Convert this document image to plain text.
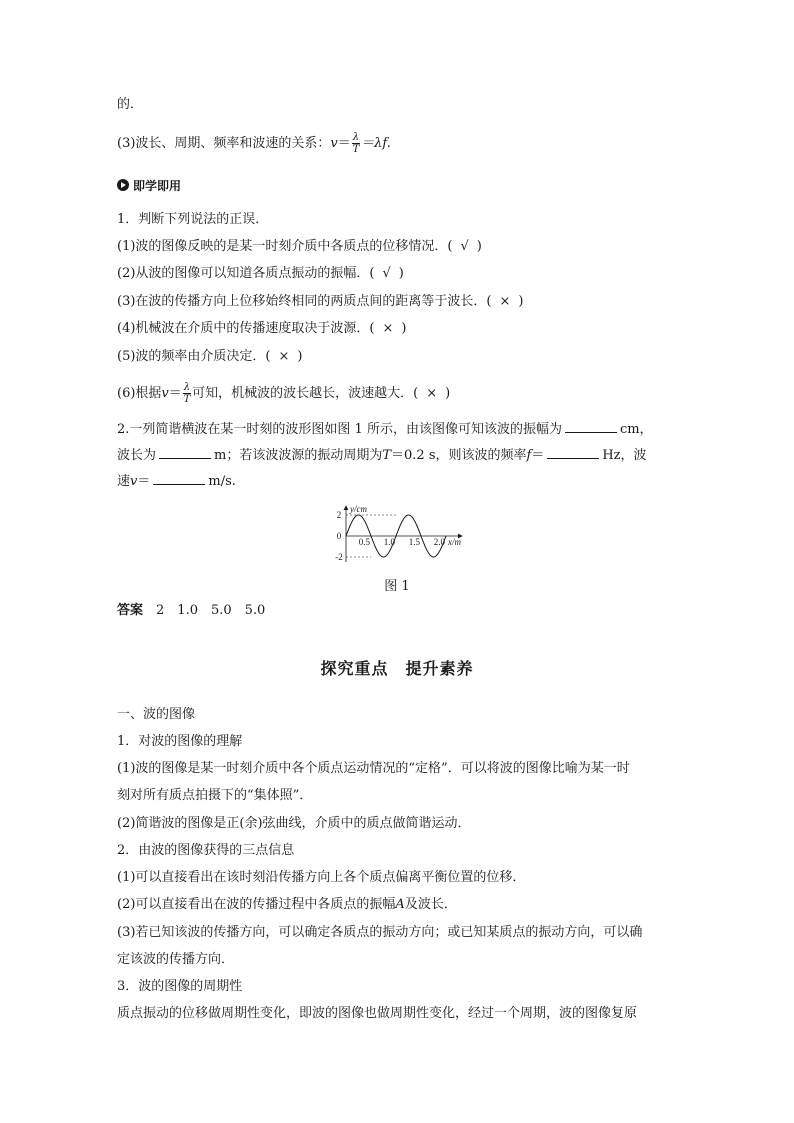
的．
(3)波长、周期、频率和波速的关系：$v= \frac{\lambda}{T} =\lambda f$.
即学即用
1．判断下列说法的正误．
(1)波的图像反映的是某一时刻介质中各质点的位移情况．( √ )
(2)从波的图像可以知道各质点振动的振幅．( √ )
(3)在波的传播方向上位移始终相同的两质点间的距离等于波长．( × )
(4)机械波在介质中的传播速度取决于波源．( × )
(5)波的频率由介质决定．( × )
(6)根据$v= \frac{\lambda}{T}$ 可知，机械波的波长越长，波速越大．( × )
2.一列简谐横波在某一时刻的波形图如图 1 所示，由该图像可知该波的振幅为	cm，
波长为	m；若该波波源的振动周期为T＝0.2 s，则该波的频率f＝	Hz，波
速v＝	m/s.
y/cm
x/m
2
0
-2
0.5 1.0 1.5 2.0
图 1
答案　 2　1.0　5.0　5.0
探究重点　提升素养
一、波的图像
1．对波的图像的理解
(1)波的图像是某一时刻介质中各个质点运动情况的“定格”．可以将波的图像比喻为某一时
刻对所有质点拍摄下的“集体照”．
(2)简谐波的图像是正(余)弦曲线，介质中的质点做简谐运动．
2．由波的图像获得的三点信息
(1)可以直接看出在该时刻沿传播方向上各个质点偏离平衡位置的位移．
(2)可以直接看出在波的传播过程中各质点的振幅A及波长．
(3)若已知该波的传播方向，可以确定各质点的振动方向；或已知某质点的振动方向，可以确
定该波的传播方向．
3．波的图像的周期性
质点振动的位移做周期性变化，即波的图像也做周期性变化，经过一个周期，波的图像复原
